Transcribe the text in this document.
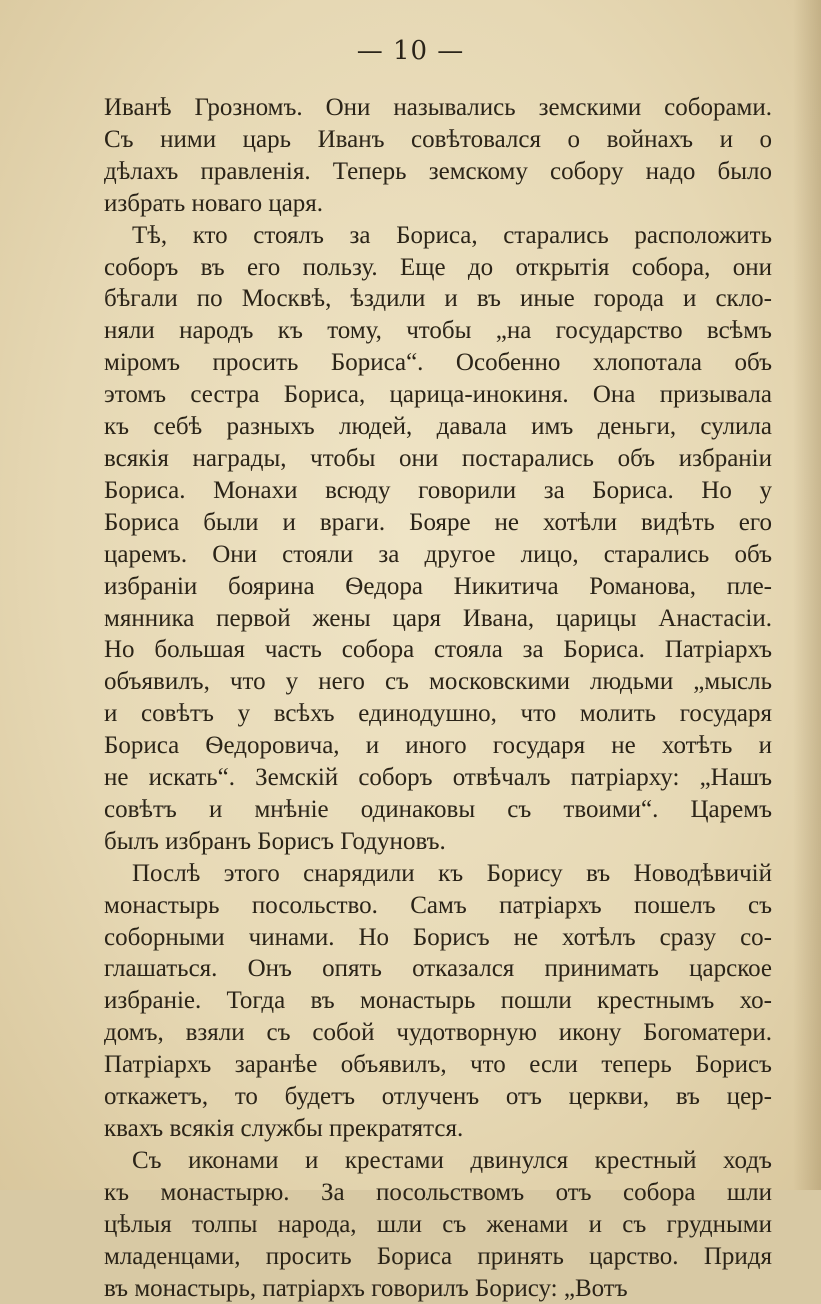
— 10 —
Иванѣ Грозномъ. Они назывались земскими соборами.
Съ ними царь Иванъ совѣтовался о войнахъ и о
дѣлахъ правленія. Теперь земскому собору надо было
избрать новаго царя.
Тѣ, кто стоялъ за Бориса, старались расположить
соборъ въ его пользу. Еще до открытія собора, они
бѣгали по Москвѣ, ѣздили и въ иные города и скло-
няли народъ къ тому, чтобы „на государство всѣмъ
міромъ просить Бориса“. Особенно хлопотала объ
этомъ сестра Бориса, царица-инокиня. Она призывала
къ себѣ разныхъ людей, давала имъ деньги, сулила
всякія награды, чтобы они постарались объ избраніи
Бориса. Монахи всюду говорили за Бориса. Но у
Бориса были и враги. Бояре не хотѣли видѣть его
царемъ. Они стояли за другое лицо, старались объ
избраніи боярина Ѳедора Никитича Романова, пле-
мянника первой жены царя Ивана, царицы Анастасіи.
Но большая часть собора стояла за Бориса. Патріархъ
объявилъ, что у него съ московскими людьми „мысль
и совѣтъ у всѣхъ единодушно, что молить государя
Бориса Ѳедоровича, и иного государя не хотѣть и
не искать“. Земскій соборъ отвѣчалъ патріарху: „Нашъ
совѣтъ и мнѣніе одинаковы съ твоими“. Царемъ
былъ избранъ Борисъ Годуновъ.
Послѣ этого снарядили къ Борису въ Новодѣвичій
монастырь посольство. Самъ патріархъ пошелъ съ
соборными чинами. Но Борисъ не хотѣлъ сразу со-
глашаться. Онъ опять отказался принимать царское
избраніе. Тогда въ монастырь пошли крестнымъ хо-
домъ, взяли съ собой чудотворную икону Богоматери.
Патріархъ заранѣе объявилъ, что если теперь Борисъ
откажетъ, то будетъ отлученъ отъ церкви, въ цер-
квахъ всякія службы прекратятся.
Съ иконами и крестами двинулся крестный ходъ
къ монастырю. За посольствомъ отъ собора шли
цѣлыя толпы народа, шли съ женами и съ грудными
младенцами, просить Бориса принять царство. Придя
въ монастырь, патріархъ говорилъ Борису: „Вотъ
